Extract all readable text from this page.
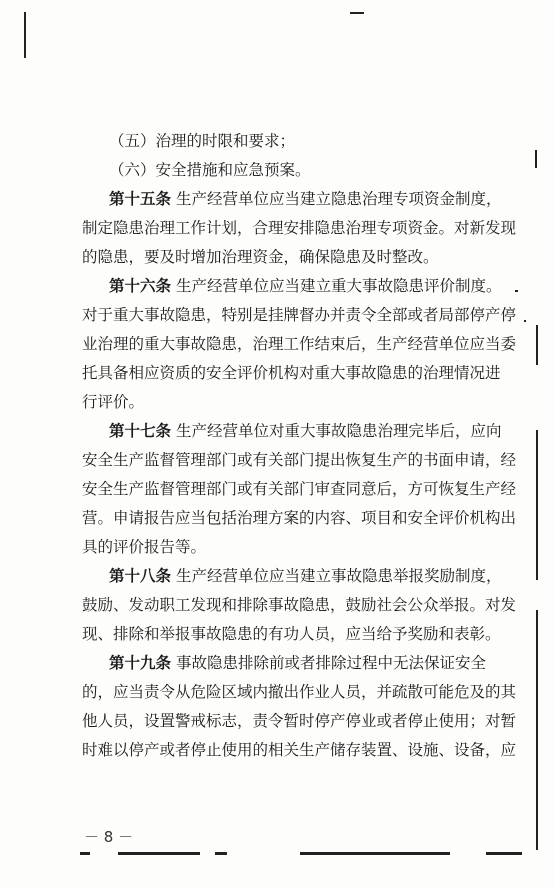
（五）治理的时限和要求；
（六）安全措施和应急预案。
第十五条 生产经营单位应当建立隐患治理专项资金制度，
制定隐患治理工作计划，合理安排隐患治理专项资金。对新发现
的隐患，要及时增加治理资金，确保隐患及时整改。
第十六条 生产经营单位应当建立重大事故隐患评价制度。
对于重大事故隐患，特别是挂牌督办并责令全部或者局部停产停
业治理的重大事故隐患，治理工作结束后，生产经营单位应当委
托具备相应资质的安全评价机构对重大事故隐患的治理情况进
行评价。
第十七条 生产经营单位对重大事故隐患治理完毕后，应向
安全生产监督管理部门或有关部门提出恢复生产的书面申请，经
安全生产监督管理部门或有关部门审查同意后，方可恢复生产经
营。申请报告应当包括治理方案的内容、项目和安全评价机构出
具的评价报告等。
第十八条 生产经营单位应当建立事故隐患举报奖励制度，
鼓励、发动职工发现和排除事故隐患，鼓励社会公众举报。对发
现、排除和举报事故隐患的有功人员，应当给予奖励和表彰。
第十九条 事故隐患排除前或者排除过程中无法保证安全
的，应当责令从危险区域内撤出作业人员，并疏散可能危及的其
他人员，设置警戒标志，责令暂时停产停业或者停止使用；对暂
时难以停产或者停止使用的相关生产储存装置、设施、设备，应
－ 8 －
